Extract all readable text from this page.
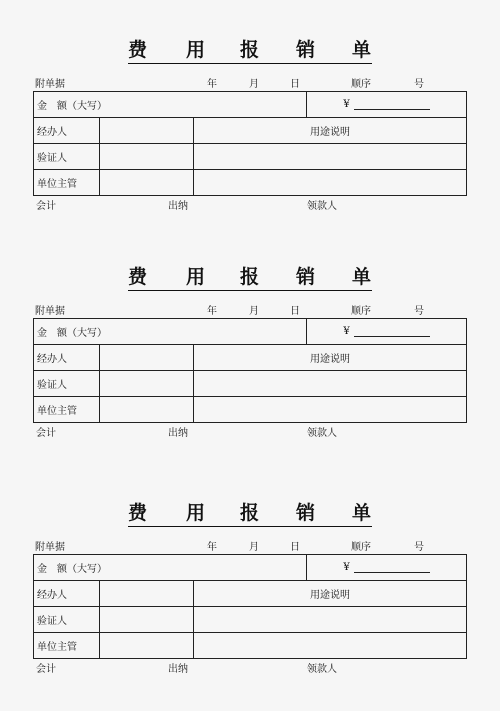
费 用 报 销 单
附单据	年	月	日	顺序	号
金　额（大写）			¥
经办人		用途说明	
验证人			
单位主管			
会计	出纳	领款人
费 用 报 销 单
附单据	年	月	日	顺序	号
金　额（大写）			¥
经办人		用途说明	
验证人			
单位主管			
会计	出纳	领款人
费 用 报 销 单
附单据	年	月	日	顺序	号
金　额（大写）			¥
经办人		用途说明	
验证人			
单位主管			
会计	出纳	领款人
